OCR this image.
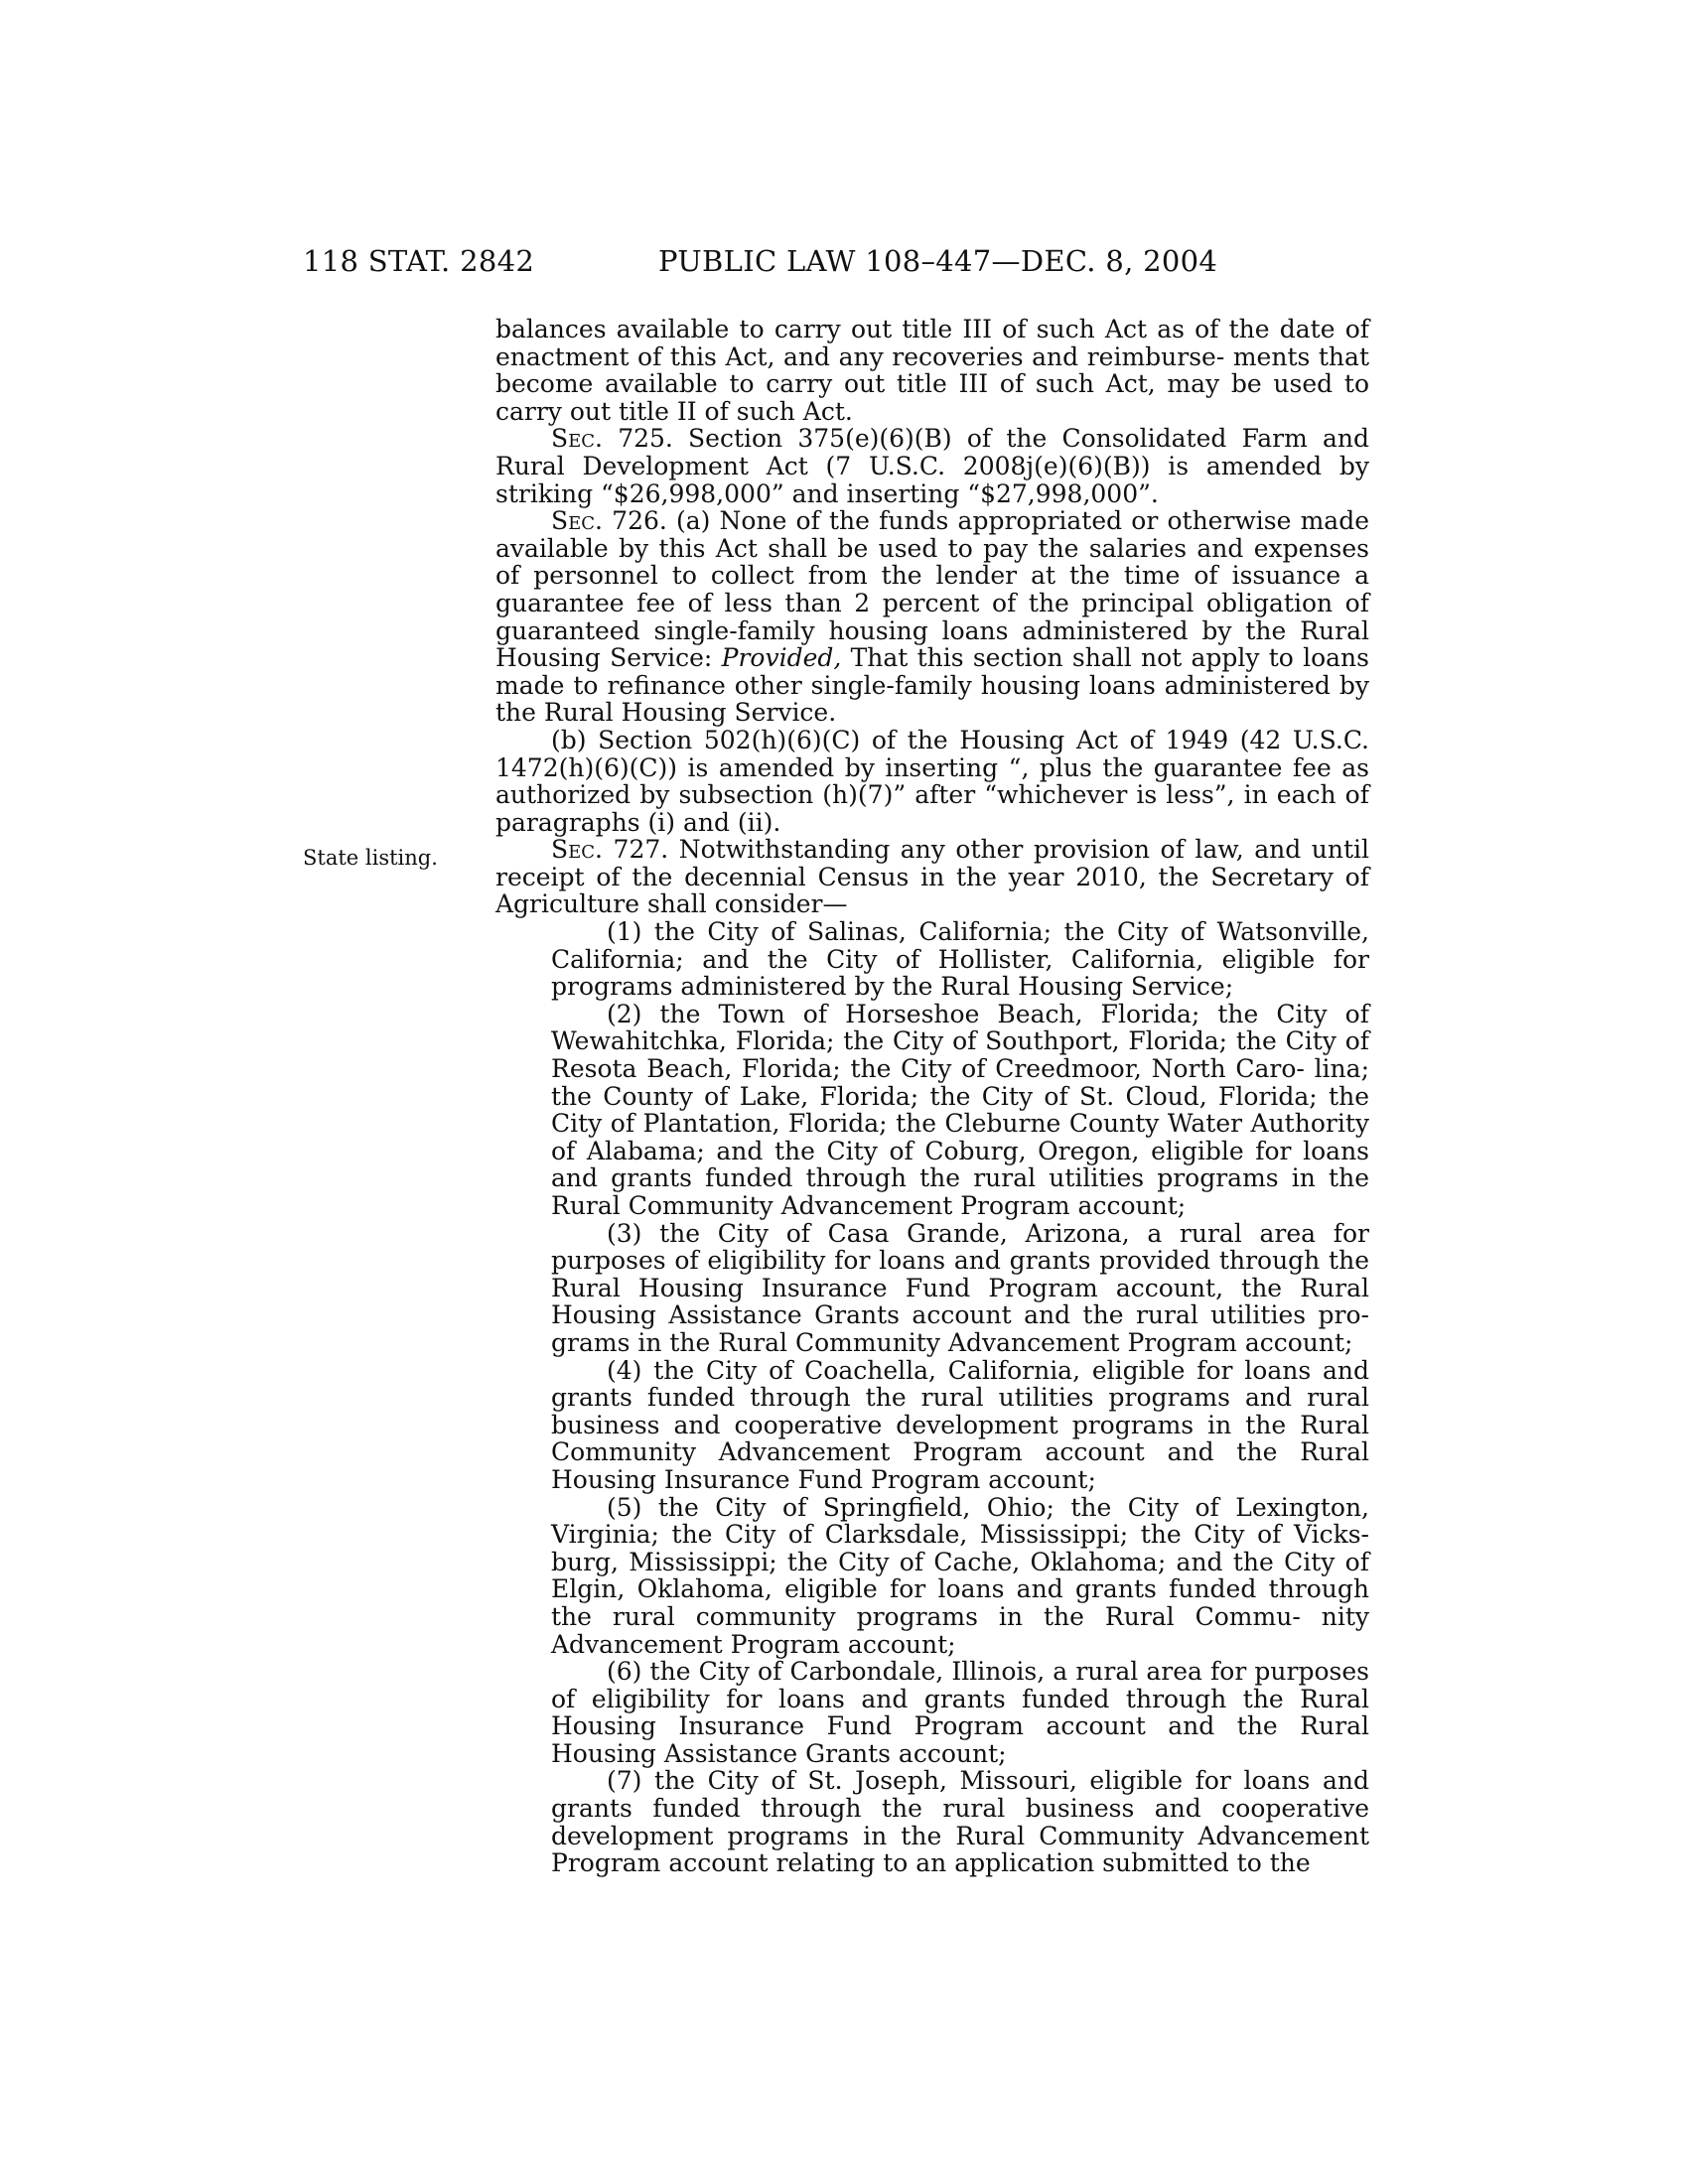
118 STAT. 2842	PUBLIC LAW 108–447—DEC. 8, 2004
State listing.

balances available to carry out title III of such Act as of the date of enactment of this Act, and any recoveries and reimburse- ments that become available to carry out title III of such Act, may be used to carry out title II of such Act.

Sec. 725. Section 375(e)(6)(B) of the Consolidated Farm and Rural Development Act (7 U.S.C. 2008j(e)(6)(B)) is amended by striking “$26,998,000” and inserting “$27,998,000”.

Sec. 726. (a) None of the funds appropriated or otherwise made available by this Act shall be used to pay the salaries and expenses of personnel to collect from the lender at the time of issuance a guarantee fee of less than 2 percent of the principal obligation of guaranteed single-family housing loans administered by the Rural Housing Service: Provided, That this section shall not apply to loans made to refinance other single-family housing loans administered by the Rural Housing Service.

(b) Section 502(h)(6)(C) of the Housing Act of 1949 (42 U.S.C. 1472(h)(6)(C)) is amended by inserting “, plus the guarantee fee as authorized by subsection (h)(7)” after “whichever is less”, in each of paragraphs (i) and (ii).

Sec. 727. Notwithstanding any other provision of law, and until receipt of the decennial Census in the year 2010, the Secretary of Agriculture shall consider—

(1) the City of Salinas, California; the City of Watsonville, California; and the City of Hollister, California, eligible for programs administered by the Rural Housing Service;

(2) the Town of Horseshoe Beach, Florida; the City of Wewahitchka, Florida; the City of Southport, Florida; the City of Resota Beach, Florida; the City of Creedmoor, North Caro- lina; the County of Lake, Florida; the City of St. Cloud, Florida; the City of Plantation, Florida; the Cleburne County Water Authority of Alabama; and the City of Coburg, Oregon, eligible for loans and grants funded through the rural utilities programs in the Rural Community Advancement Program account;

(3) the City of Casa Grande, Arizona, a rural area for purposes of eligibility for loans and grants provided through the Rural Housing Insurance Fund Program account, the Rural Housing Assistance Grants account and the rural utilities pro- grams in the Rural Community Advancement Program account;

(4) the City of Coachella, California, eligible for loans and grants funded through the rural utilities programs and rural business and cooperative development programs in the Rural Community Advancement Program account and the Rural Housing Insurance Fund Program account;

(5) the City of Springfield, Ohio; the City of Lexington, Virginia; the City of Clarksdale, Mississippi; the City of Vicks- burg, Mississippi; the City of Cache, Oklahoma; and the City of Elgin, Oklahoma, eligible for loans and grants funded through the rural community programs in the Rural Commu- nity Advancement Program account;

(6) the City of Carbondale, Illinois, a rural area for purposes of eligibility for loans and grants funded through the Rural Housing Insurance Fund Program account and the Rural Housing Assistance Grants account;

(7) the City of St. Joseph, Missouri, eligible for loans and grants funded through the rural business and cooperative development programs in the Rural Community Advancement Program account relating to an application submitted to the
